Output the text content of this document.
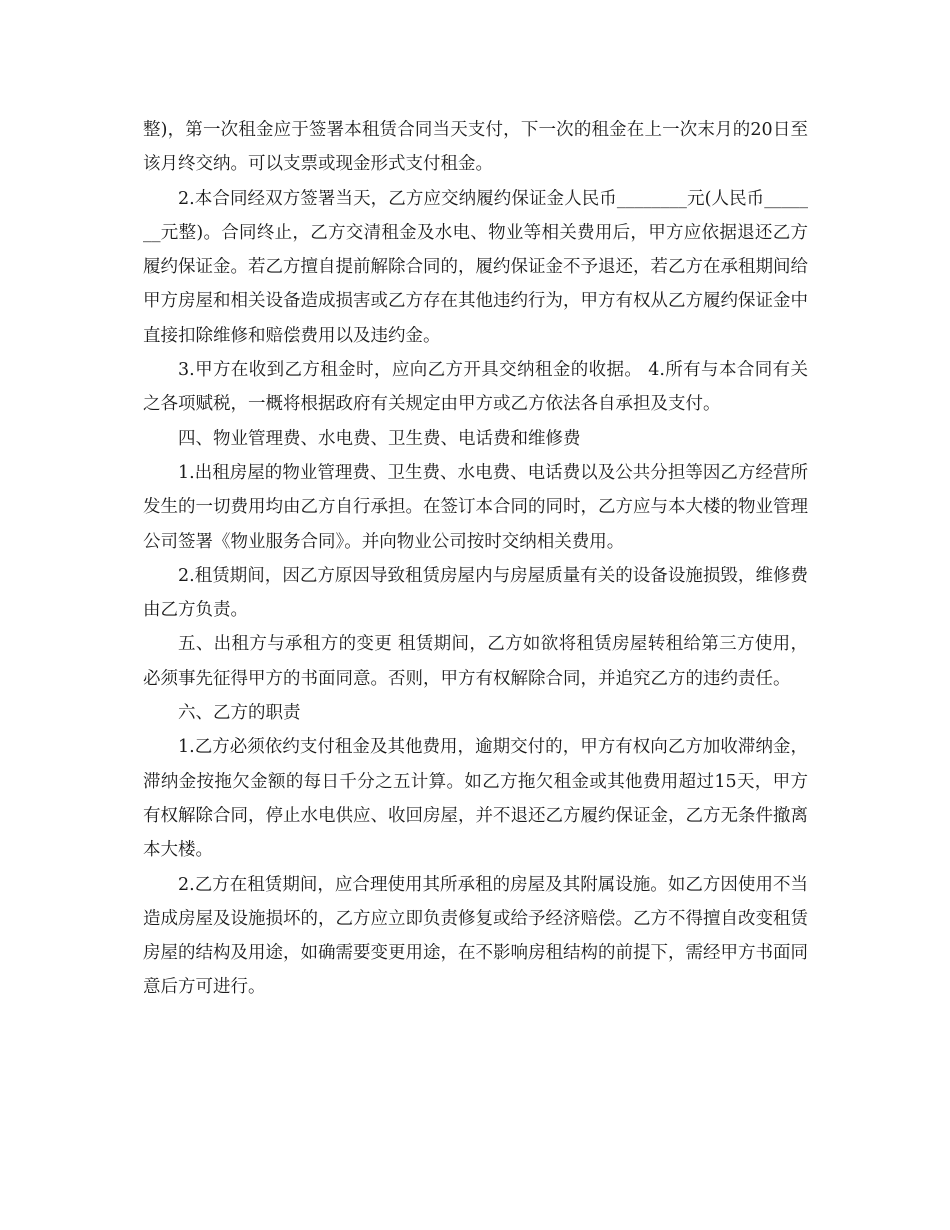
整)，第一次租金应于签署本租赁合同当天支付，下一次的租金在上一次末月的20日至该月终交纳。可以支票或现金形式支付租金。

2.本合同经双方签署当天，乙方应交纳履约保证金人民币________元(人民币_______元整)。合同终止，乙方交清租金及水电、物业等相关费用后，甲方应依据退还乙方履约保证金。若乙方擅自提前解除合同的，履约保证金不予退还，若乙方在承租期间给甲方房屋和相关设备造成损害或乙方存在其他违约行为，甲方有权从乙方履约保证金中直接扣除维修和赔偿费用以及违约金。

3.甲方在收到乙方租金时，应向乙方开具交纳租金的收据。 4.所有与本合同有关之各项赋税，一概将根据政府有关规定由甲方或乙方依法各自承担及支付。

四、物业管理费、水电费、卫生费、电话费和维修费

1.出租房屋的物业管理费、卫生费、水电费、电话费以及公共分担等因乙方经营所发生的一切费用均由乙方自行承担。在签订本合同的同时，乙方应与本大楼的物业管理公司签署《物业服务合同》。并向物业公司按时交纳相关费用。

2.租赁期间，因乙方原因导致租赁房屋内与房屋质量有关的设备设施损毁，维修费由乙方负责。

五、出租方与承租方的变更 租赁期间，乙方如欲将租赁房屋转租给第三方使用，必须事先征得甲方的书面同意。否则，甲方有权解除合同，并追究乙方的违约责任。

六、乙方的职责

1.乙方必须依约支付租金及其他费用，逾期交付的，甲方有权向乙方加收滞纳金，滞纳金按拖欠金额的每日千分之五计算。如乙方拖欠租金或其他费用超过15天，甲方有权解除合同，停止水电供应、收回房屋，并不退还乙方履约保证金，乙方无条件撤离本大楼。

2.乙方在租赁期间，应合理使用其所承租的房屋及其附属设施。如乙方因使用不当造成房屋及设施损坏的，乙方应立即负责修复或给予经济赔偿。乙方不得擅自改变租赁房屋的结构及用途，如确需要变更用途，在不影响房租结构的前提下，需经甲方书面同意后方可进行。
